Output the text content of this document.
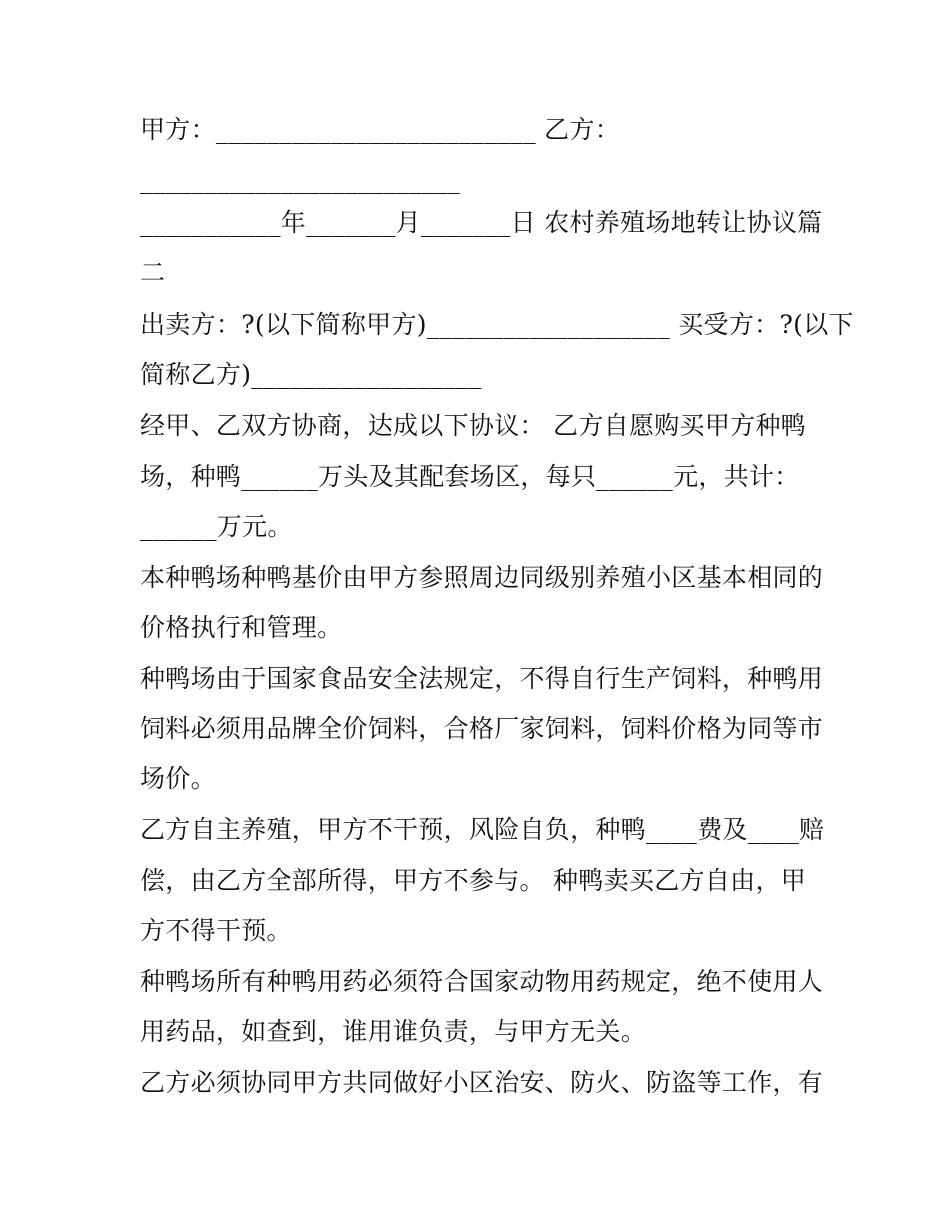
甲方：_________________________ 乙方：
_________________________
___________年_______月_______日 农村养殖场地转让协议篇
二
出卖方：?(以下简称甲方)___________________ 买受方：?(以下
简称乙方)__________________
经甲、乙双方协商，达成以下协议： 乙方自愿购买甲方种鸭
场，种鸭______万头及其配套场区，每只______元，共计：
______万元。
本种鸭场种鸭基价由甲方参照周边同级别养殖小区基本相同的
价格执行和管理。
种鸭场由于国家食品安全法规定，不得自行生产饲料，种鸭用
饲料必须用品牌全价饲料，合格厂家饲料，饲料价格为同等市
场价。
乙方自主养殖，甲方不干预，风险自负，种鸭____费及____赔
偿，由乙方全部所得，甲方不参与。 种鸭卖买乙方自由，甲
方不得干预。
种鸭场所有种鸭用药必须符合国家动物用药规定，绝不使用人
用药品，如查到，谁用谁负责，与甲方无关。
乙方必须协同甲方共同做好小区治安、防火、防盗等工作，有
